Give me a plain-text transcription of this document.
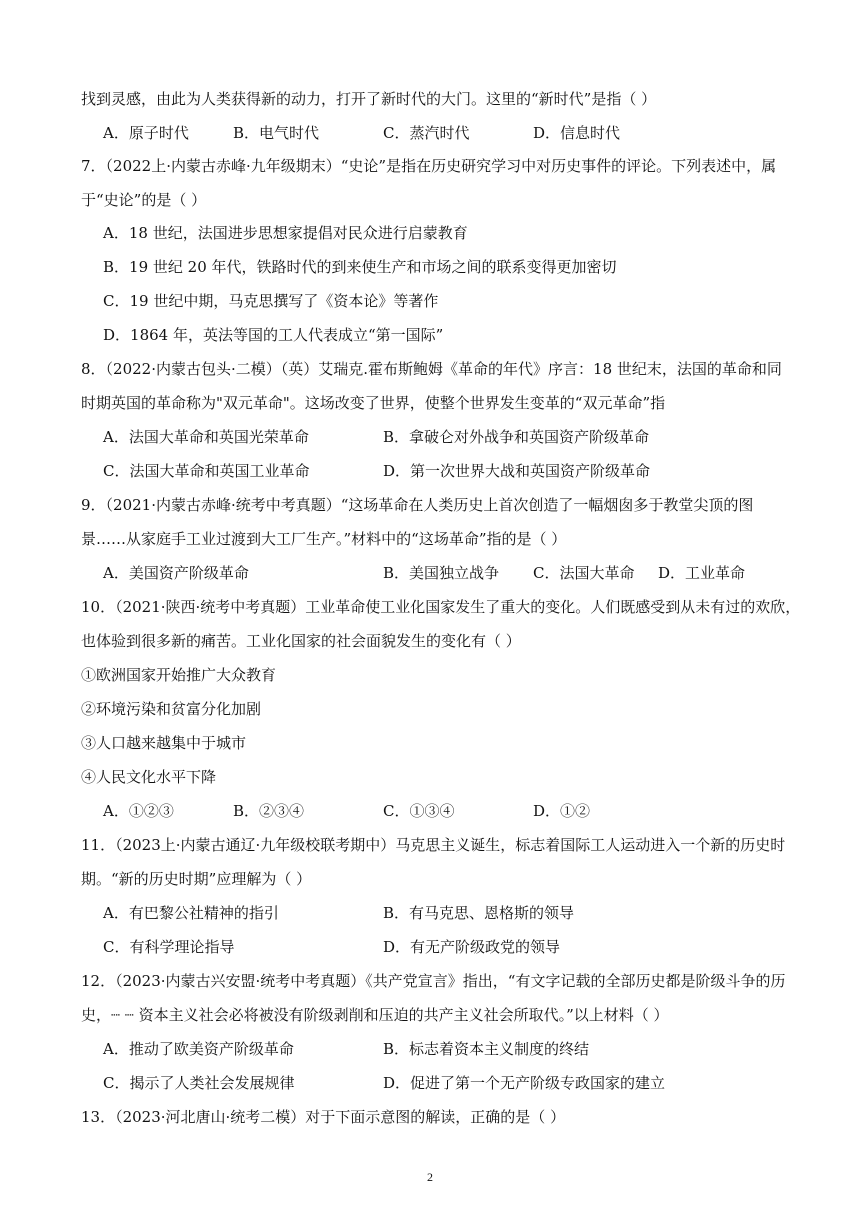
找到灵感，由此为人类获得新的动力，打开了新时代的大门。这里的“新时代”是指（ ）
A．原子时代	B．电气时代	C．蒸汽时代	D．信息时代
7．（2022上·内蒙古赤峰·九年级期末）“史论”是指在历史研究学习中对历史事件的评论。下列表述中，属
于“史论”的是（ ）
A．18 世纪，法国进步思想家提倡对民众进行启蒙教育
B．19 世纪 20 年代，铁路时代的到来使生产和市场之间的联系变得更加密切
C．19 世纪中期，马克思撰写了《资本论》等著作
D．1864 年，英法等国的工人代表成立“第一国际”
8．（2022·内蒙古包头·二模）（英）艾瑞克.霍布斯鲍姆《革命的年代》序言：18 世纪末，法国的革命和同
时期英国的革命称为"双元革命"。这场改变了世界，使整个世界发生变革的“双元革命”指
A．法国大革命和英国光荣革命	B．拿破仑对外战争和英国资产阶级革命
C．法国大革命和英国工业革命	D．第一次世界大战和英国资产阶级革命
9．（2021·内蒙古赤峰·统考中考真题）“这场革命在人类历史上首次创造了一幅烟囱多于教堂尖顶的图
景……从家庭手工业过渡到大工厂生产。”材料中的“这场革命”指的是（ ）
A．美国资产阶级革命	B．美国独立战争 C．法国大革命 D．工业革命
10．（2021·陕西·统考中考真题）工业革命使工业化国家发生了重大的变化。人们既感受到从未有过的欢欣，
也体验到很多新的痛苦。工业化国家的社会面貌发生的变化有（ ）
①欧洲国家开始推广大众教育
②环境污染和贫富分化加剧
③人口越来越集中于城市
④人民文化水平下降
A．①②③	B．②③④	C．①③④	D．①②
11．（2023上·内蒙古通辽·九年级校联考期中）马克思主义诞生，标志着国际工人运动进入一个新的历史时
期。“新的历史时期”应理解为（ ）
A．有巴黎公社精神的指引	B．有马克思、恩格斯的领导
C．有科学理论指导	D．有无产阶级政党的领导
12．（2023·内蒙古兴安盟·统考中考真题）《共产党宣言》指出，“有文字记载的全部历史都是阶级斗争的历
史，┈ ┈ 资本主义社会必将被没有阶级剥削和压迫的共产主义社会所取代。”以上材料（ ）
A．推动了欧美资产阶级革命	B．标志着资本主义制度的终结
C．揭示了人类社会发展规律	D．促进了第一个无产阶级专政国家的建立
13．（2023·河北唐山·统考二模）对于下面示意图的解读，正确的是（ ）
2
